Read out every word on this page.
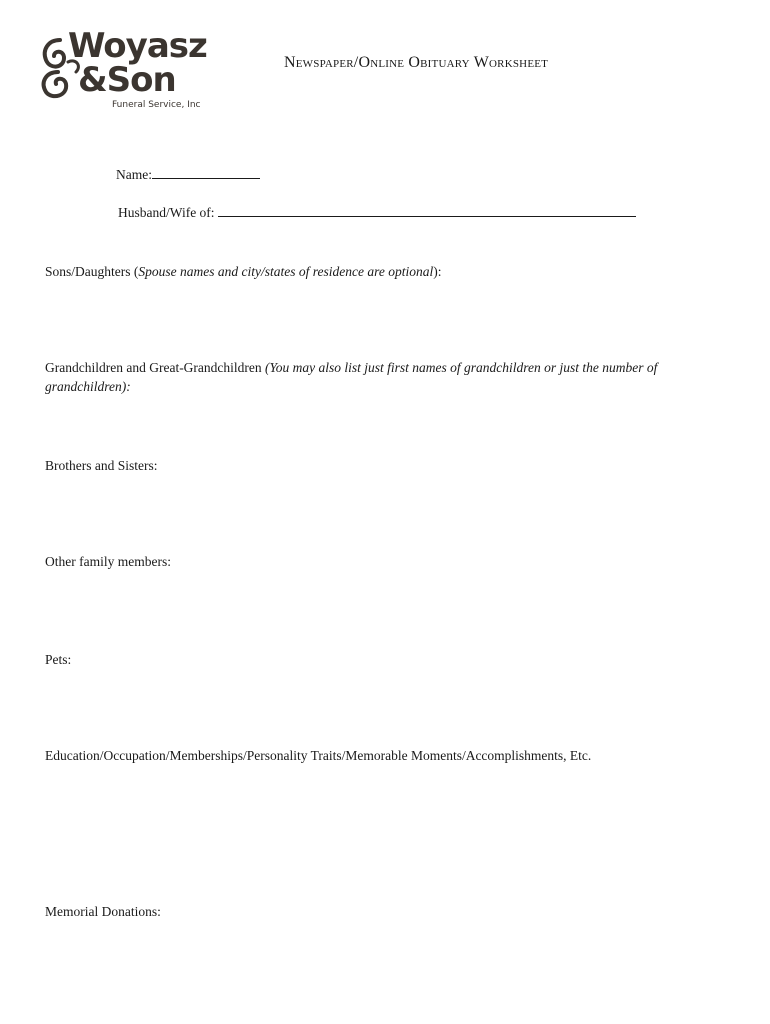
Woyasz
&Son
Funeral Service, Inc
Newspaper/Online Obituary Worksheet
Name:
Husband/Wife of:
Sons/Daughters (Spouse names and city/states of residence are optional):
Grandchildren and Great-Grandchildren (You may also list just first names of grandchildren or just the number of grandchildren):
Brothers and Sisters:
Other family members:
Pets:
Education/Occupation/Memberships/Personality Traits/Memorable Moments/Accomplishments, Etc.
Memorial Donations:
